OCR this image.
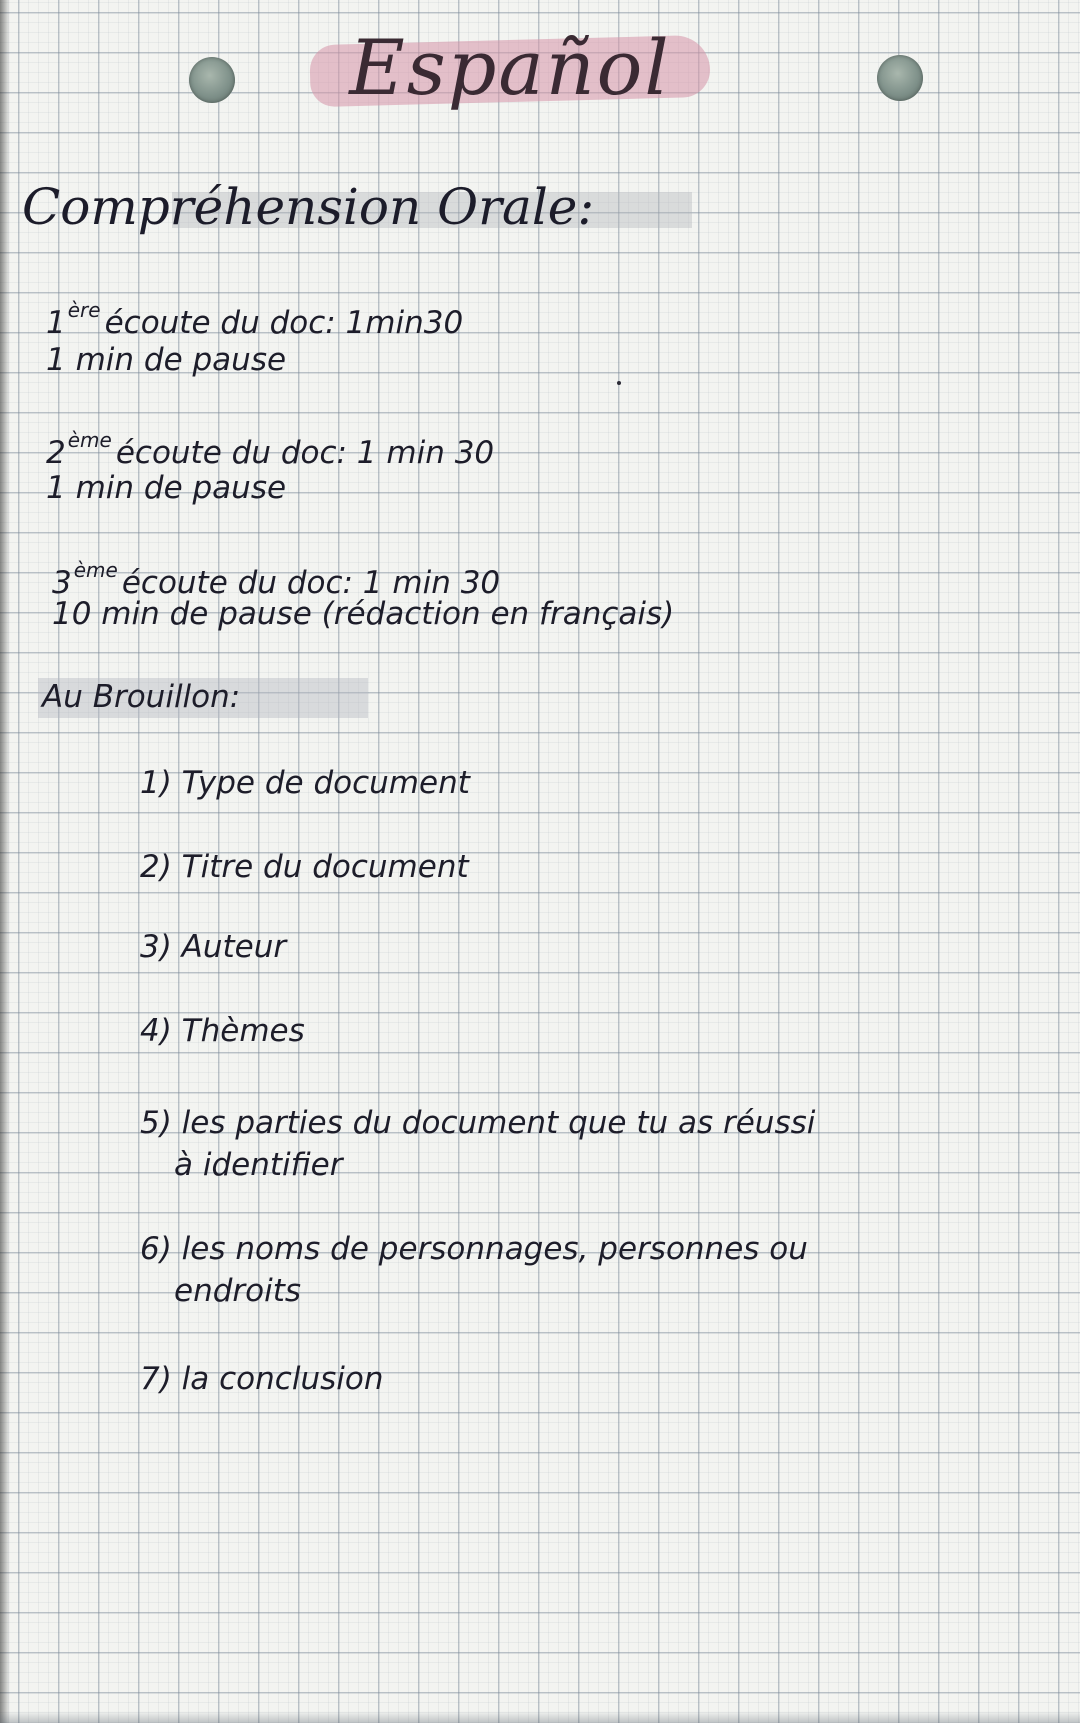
Español
Compréhension Orale:
1 $^{ère}$ écoute du doc: 1min30
1 min de pause
2 $^{ème}$ écoute du doc: 1 min 30
1 min de pause
3 $^{ème}$ écoute du doc: 1 min 30
10 min de pause (rédaction en français)
Au Brouillon:
1) Type de document
2) Titre du document
3) Auteur
4) Thèmes
5) les parties du document que tu as réussi
à identifier
6) les noms de personnages, personnes ou
endroits
7) la conclusion
